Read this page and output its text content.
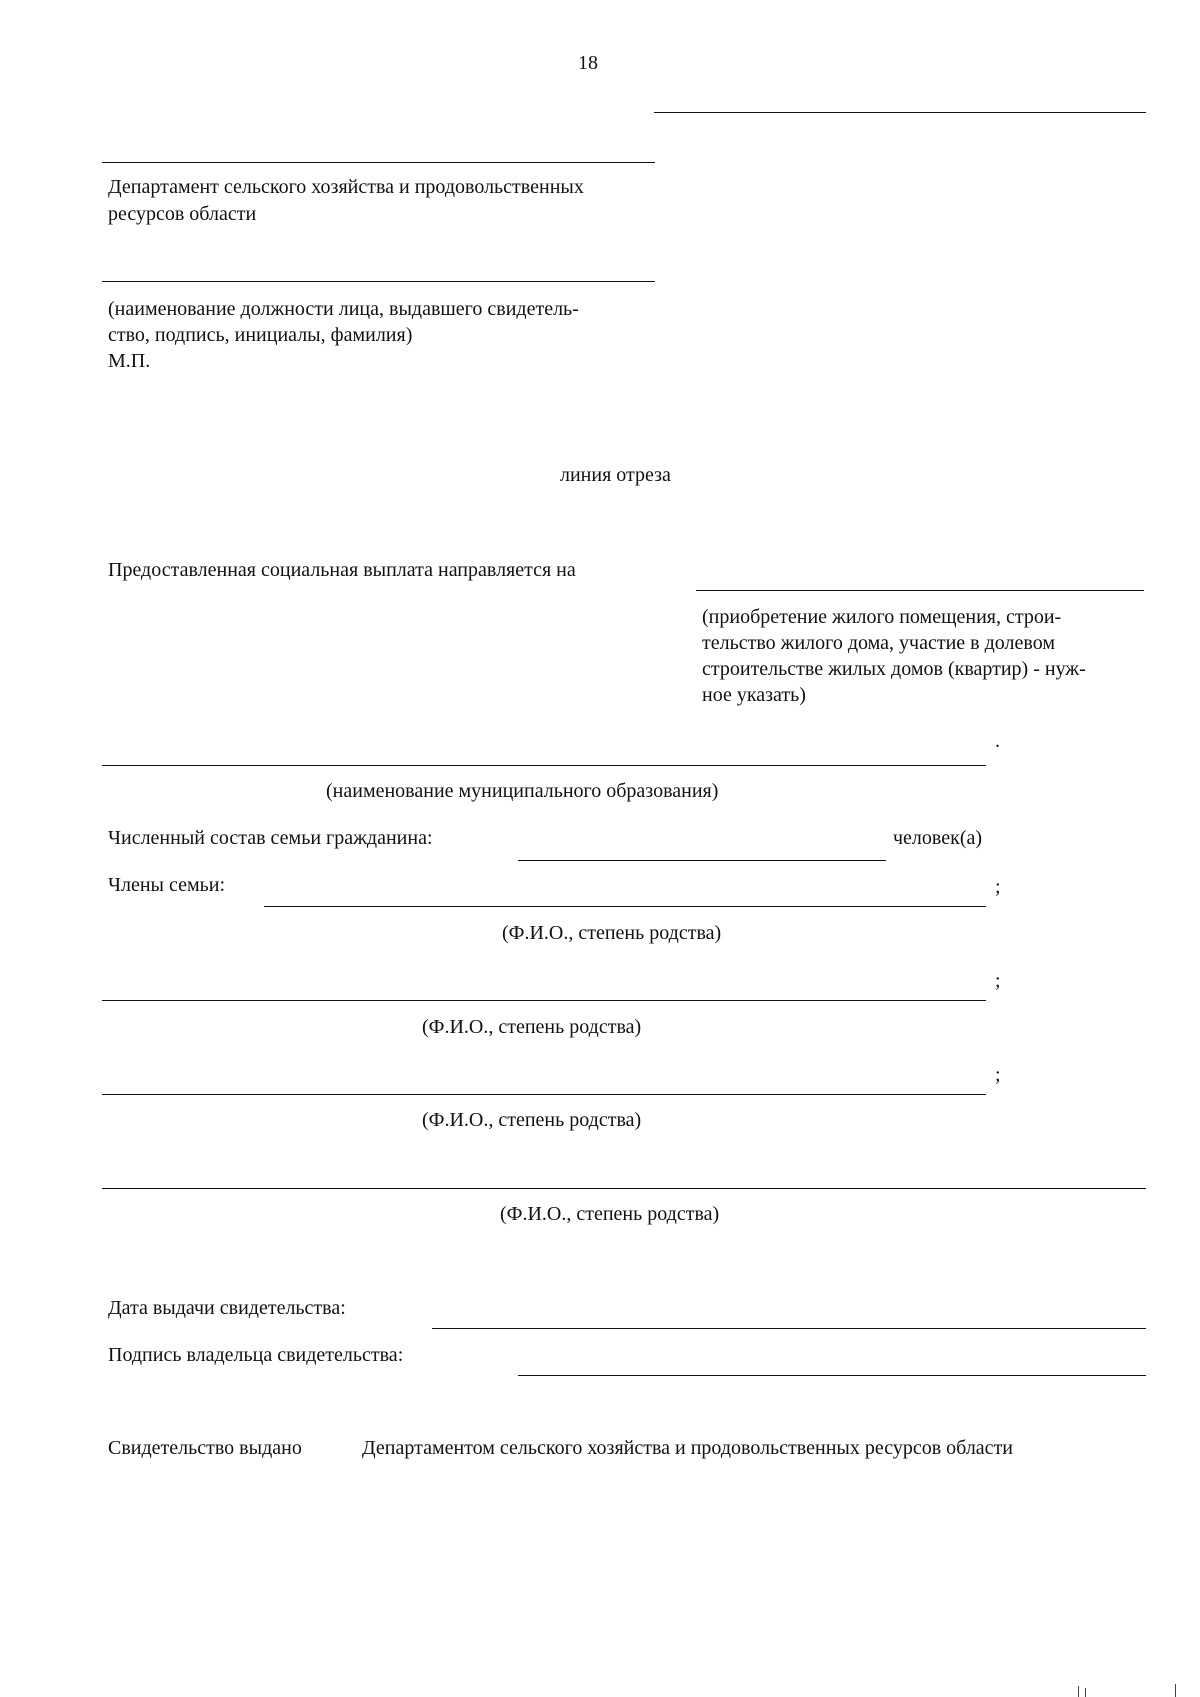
18
Департамент сельского хозяйства и продовольственных
ресурсов области
(наименование должности лица, выдавшего свидетель-
ство, подпись, инициалы, фамилия)
М.П.
линия отреза
Предоставленная социальная выплата направляется на
(приобретение жилого помещения, строи-
тельство жилого дома, участие в долевом
строительстве жилых домов (квартир) - нуж-
ное указать)
.
(наименование муниципального образования)
Численный состав семьи гражданина:	человек(а)
Члены семьи:	;
(Ф.И.О., степень родства)
;
(Ф.И.О., степень родства)
;
(Ф.И.О., степень родства)
(Ф.И.О., степень родства)
Дата выдачи свидетельства:
Подпись владельца свидетельства:
Свидетельство выдано	Департаментом сельского хозяйства и продовольственных ресурсов области
